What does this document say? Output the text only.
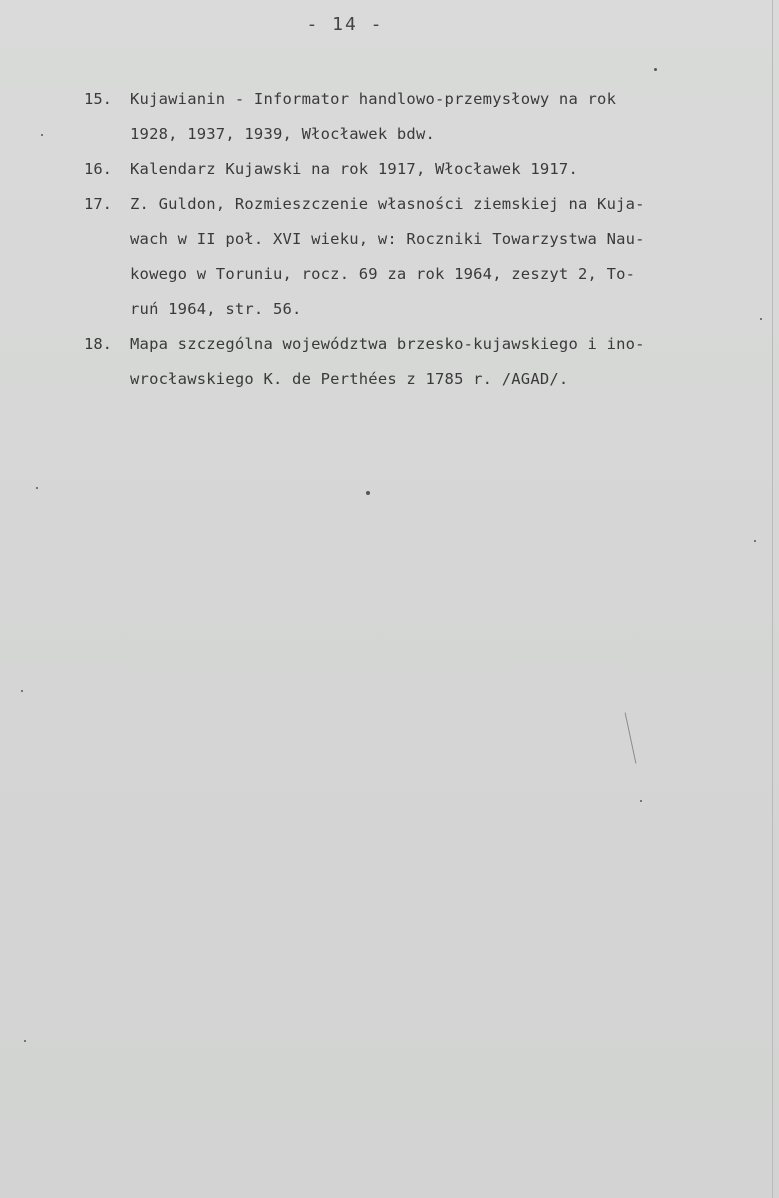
- 14 -
15.	Kujawianin - Informator handlowo-przemysłowy na rok
1928, 1937, 1939, Włocławek bdw.
16.	Kalendarz Kujawski na rok 1917, Włocławek 1917.
17.	Z. Guldon, Rozmieszczenie własności ziemskiej na Kuja-
wach w II poł. XVI wieku, w: Roczniki Towarzystwa Nau-
kowego w Toruniu, rocz. 69 za rok 1964, zeszyt 2, To-
ruń 1964, str. 56.
18.	Mapa szczególna województwa brzesko-kujawskiego i ino-
wrocławskiego K. de Perthées z 1785 r. /AGAD/.
